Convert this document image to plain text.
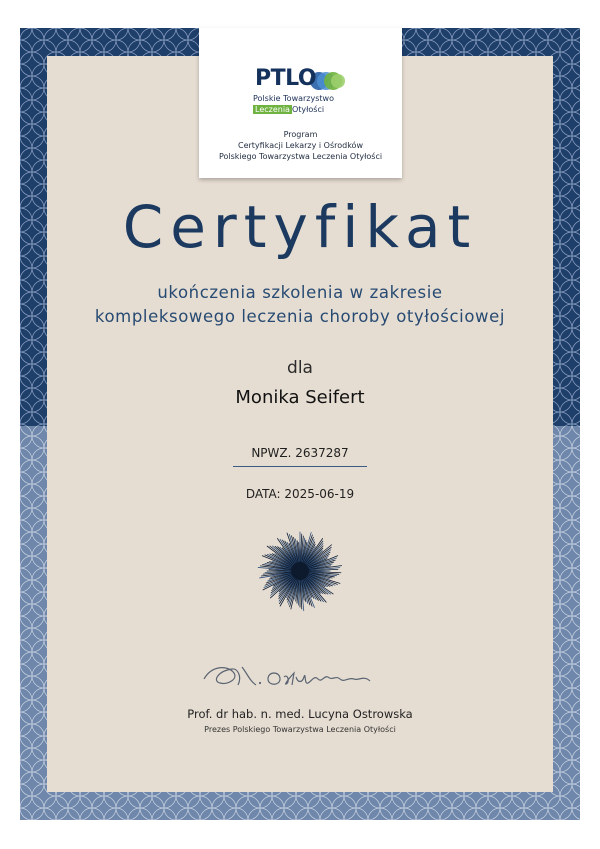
PTLO
Polskie Towarzystwo
Leczenia Otyłości
Program
Certyfikacji Lekarzy i Ośrodków
Polskiego Towarzystwa Leczenia Otyłości
Certyfikat
ukończenia szkolenia w zakresie
kompleksowego leczenia choroby otyłościowej
dla
Monika Seifert
NPWZ. 2637287
DATA: 2025-06-19
Prof. dr hab. n. med. Lucyna Ostrowska
Prezes Polskiego Towarzystwa Leczenia Otyłości
